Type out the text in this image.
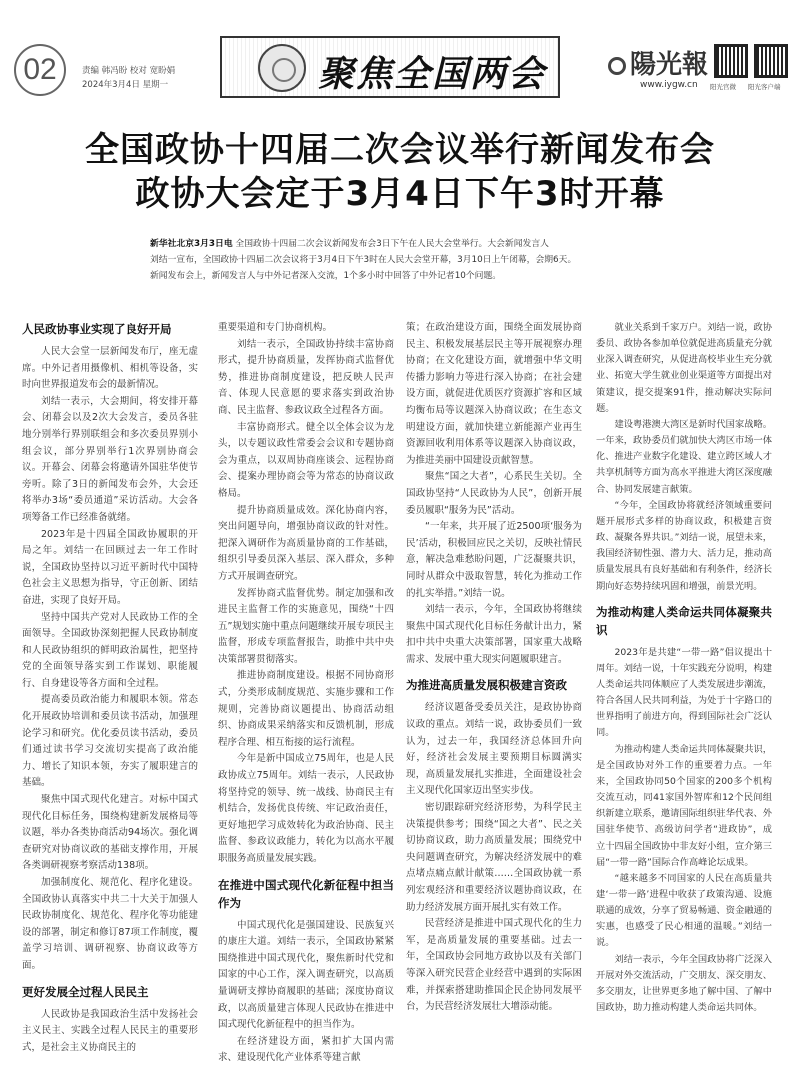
02	责编 韩冯盼 校对 宽盼娟
2024年3月4日 星期一	聚焦全国两会	陽光報
www.iygw.cn 阳光官微 阳光客户端
全国政协十四届二次会议举行新闻发布会
政协大会定于3月4日下午3时开幕
新华社北京3月3日电 全国政协十四届二次会议新闻发布会3日下午在人民大会堂举行。大会新闻发言人
刘结一宣布，全国政协十四届二次会议将于3月4日下午3时在人民大会堂开幕，3月10日上午闭幕，会期6天。
新闻发布会上，新闻发言人与中外记者深入交流，1个多小时中回答了中外记者10个问题。

人民政协事业实现了良好开局

人民大会堂一层新闻发布厅，座无虚席。中外记者用摄像机、相机等设备，实时向世界报道发布会的最新情况。

刘结一表示，大会期间，将安排开幕会、闭幕会以及2次大会发言，委员各驻地分别举行界别联组会和多次委员界别小组会议，部分界别举行1次界别协商会议。开幕会、闭幕会将邀请外国驻华使节旁听。除了3日的新闻发布会外，大会还将举办3场“委员通道”采访活动。大会各项筹备工作已经准备就绪。

2023年是十四届全国政协履职的开局之年。刘结一在回顾过去一年工作时说，全国政协坚持以习近平新时代中国特色社会主义思想为指导，守正创新、团结奋进，实现了良好开局。

坚持中国共产党对人民政协工作的全面领导。全国政协深刻把握人民政协制度和人民政协组织的鲜明政治属性，把坚持党的全面领导落实到工作谋划、职能履行、自身建设等各方面和全过程。

提高委员政治能力和履职本领。常态化开展政协培训和委员读书活动，加强理论学习和研究。优化委员读书活动，委员们通过读书学习交流切实提高了政治能力、增长了知识本领，夯实了履职建言的基础。

聚焦中国式现代化建言。对标中国式现代化目标任务，围绕构建新发展格局等议题，举办各类协商活动94场次。强化调查研究对协商议政的基础支撑作用，开展各类调研视察考察活动138项。

加强制度化、规范化、程序化建设。全国政协认真落实中共二十大关于加强人民政协制度化、规范化、程序化等功能建设的部署，制定和修订87项工作制度，覆盖学习培训、调研视察、协商议政等方面。

更好发展全过程人民民主

人民政协是我国政治生活中发扬社会主义民主、实践全过程人民民主的重要形式，是社会主义协商民主的

重要渠道和专门协商机构。

刘结一表示，全国政协持续丰富协商形式，提升协商质量，发挥协商式监督优势，推进协商制度建设，把反映人民声音、体现人民意愿的要求落实到政治协商、民主监督、参政议政全过程各方面。

丰富协商形式。健全以全体会议为龙头，以专题议政性常委会会议和专题协商会为重点，以双周协商座谈会、远程协商会、提案办理协商会等为常态的协商议政格局。

提升协商质量成效。深化协商内容，突出问题导向，增强协商议政的针对性。把深入调研作为高质量协商的工作基础，组织引导委员深入基层、深入群众，多种方式开展调查研究。

发挥协商式监督优势。制定加强和改进民主监督工作的实施意见，围绕“十四五”规划实施中重点问题继续开展专项民主监督，形成专项监督报告，助推中共中央决策部署贯彻落实。

推进协商制度建设。根据不同协商形式，分类形成制度规范、实施步骤和工作规则，完善协商议题提出、协商活动组织、协商成果采纳落实和反馈机制，形成程序合理、相互衔接的运行流程。

今年是新中国成立75周年，也是人民政协成立75周年。刘结一表示，人民政协将坚持党的领导、统一战线、协商民主有机结合，发扬优良传统、牢记政治责任，更好地把学习成效转化为政治协商、民主监督、参政议政能力，转化为以高水平履职服务高质量发展实践。

在推进中国式现代化新征程中担当作为

中国式现代化是强国建设、民族复兴的康庄大道。刘结一表示，全国政协紧紧围绕推进中国式现代化，聚焦新时代党和国家的中心工作，深入调查研究，以高质量调研支撑协商履职的基础；深度协商议政，以高质量建言体现人民政协在推进中国式现代化新征程中的担当作为。

在经济建设方面，紧扣扩大国内需求、建设现代化产业体系等建言献

策；在政治建设方面，围绕全面发展协商民主、积极发展基层民主等开展视察办理协商；在文化建设方面，就增强中华文明传播力影响力等进行深入协商；在社会建设方面，就促进优质医疗资源扩容和区域均衡布局等议题深入协商议政；在生态文明建设方面，就加快建立新能源产业再生资源回收利用体系等议题深入协商议政，为推进美丽中国建设贡献智慧。

聚焦“国之大者”，心系民生关切。全国政协坚持“人民政协为人民”，创新开展委员履职“服务为民”活动。

“一年来，共开展了近2500项‘服务为民’活动，积极回应民之关切，反映社情民意，解决急难愁盼问题，广泛凝聚共识，同时从群众中汲取智慧，转化为推动工作的扎实举措。”刘结一说。

刘结一表示，今年，全国政协将继续聚焦中国式现代化目标任务献计出力，紧扣中共中央重大决策部署，国家重大战略需求、发展中重大现实问题履职建言。

为推进高质量发展积极建言资政

经济议题备受委员关注，是政协协商议政的重点。刘结一说，政协委员们一致认为，过去一年，我国经济总体回升向好，经济社会发展主要预期目标圆满实现，高质量发展扎实推进，全面建设社会主义现代化国家迈出坚实步伐。

密切跟踪研究经济形势，为科学民主决策提供参考；围绕“国之大者”、民之关切协商议政，助力高质量发展；围绕党中央问题调查研究，为解决经济发展中的难点堵点痛点献计献策……全国政协就一系列宏观经济和重要经济议题协商议政，在助力经济发展方面开展扎实有效工作。

民营经济是推进中国式现代化的生力军，是高质量发展的重要基础。过去一年，全国政协会同地方政协以及有关部门等深入研究民营企业经营中遇到的实际困难，并探索搭建助推国企民企协同发展平台，为民营经济发展壮大增添动能。

就业关系到千家万户。刘结一说，政协委员、政协各参加单位就促进高质量充分就业深入调查研究，从促进高校毕业生充分就业、拓宽大学生就业创业渠道等方面提出对策建议，提交提案91件，推动解决实际问题。

建设粤港澳大湾区是新时代国家战略。一年来，政协委员们就加快大湾区市场一体化、推进产业数字化建设、建立跨区域人才共享机制等方面为高水平推进大湾区深度融合、协同发展建言献策。

“今年，全国政协将就经济领域重要问题开展形式多样的协商议政，积极建言资政、凝聚各界共识。”刘结一说，展望未来，我国经济韧性强、潜力大、活力足，推动高质量发展具有良好基础和有利条件，经济长期向好态势持续巩固和增强，前景光明。

为推动构建人类命运共同体凝聚共识

2023年是共建“一带一路”倡议提出十周年。刘结一说，十年实践充分说明，构建人类命运共同体顺应了人类发展进步潮流，符合各国人民共同利益，为处于十字路口的世界指明了前进方向，得到国际社会广泛认同。

为推动构建人类命运共同体凝聚共识，是全国政协对外工作的重要着力点。一年来，全国政协同50个国家的200多个机构交流互动，同41家国外智库和12个民间组织新建立联系，邀请国际组织驻华代表、外国驻华使节、高级访问学者“进政协”，成立十四届全国政协中非友好小组，宣介第三届“一带一路”国际合作高峰论坛成果。

“越来越多不同国家的人民在高质量共建‘一带一路’进程中收获了政策沟通、设施联通的成效，分享了贸易畅通、资金融通的实惠，也感受了民心相通的温暖。”刘结一说。

刘结一表示，今年全国政协将广泛深入开展对外交流活动，广交朋友、深交朋友、多交朋友，让世界更多地了解中国、了解中国政协，助力推动构建人类命运共同体。
